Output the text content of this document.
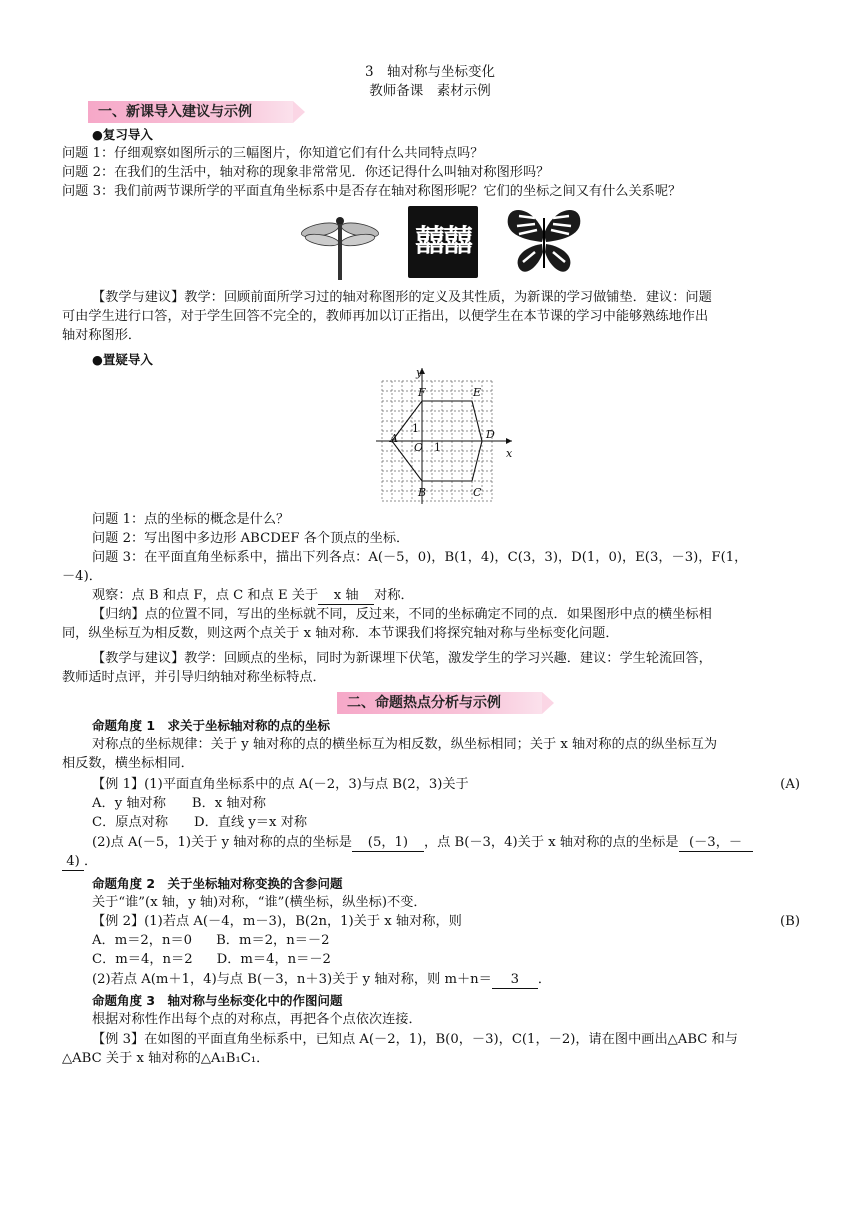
3　轴对称与坐标变化
教师备课　素材示例
一、新课导入建议与示例
●复习导入
问题 1：仔细观察如图所示的三幅图片，你知道它们有什么共同特点吗？
问题 2：在我们的生活中，轴对称的现象非常常见．你还记得什么叫轴对称图形吗？
问题 3：我们前两节课所学的平面直角坐标系中是否存在轴对称图形呢？它们的坐标之间又有什么关系呢？
囍囍
【教学与建议】教学：回顾前面所学习过的轴对称图形的定义及其性质，为新课的学习做铺垫．建议：问题
可由学生进行口答，对于学生回答不完全的，教师再加以订正指出，以便学生在本节课的学习中能够熟练地作出
轴对称图形．
●置疑导入
y
x
O 1
1
A
B	C
D
E
F
问题 1：点的坐标的概念是什么？
问题 2：写出图中多边形 ABCDEF 各个顶点的坐标．
问题 3：在平面直角坐标系中，描出下列各点：A(－5，0)，B(1，4)，C(3，3)，D(1，0)，E(3，－3)，F(1，
－4)．
观察：点 B 和点 F，点 C 和点 E 关于 x 轴 对称．
【归纳】点的位置不同，写出的坐标就不同，反过来，不同的坐标确定不同的点．如果图形中点的横坐标相
同，纵坐标互为相反数，则这两个点关于 x 轴对称．本节课我们将探究轴对称与坐标变化问题．
【教学与建议】教学：回顾点的坐标，同时为新课埋下伏笔，激发学生的学习兴趣．建议：学生轮流回答，
教师适时点评，并引导归纳轴对称坐标特点．
二、命题热点分析与示例
命题角度 1　求关于坐标轴对称的点的坐标
对称点的坐标规律：关于 y 轴对称的点的横坐标互为相反数，纵坐标相同；关于 x 轴对称的点的纵坐标互为
相反数，横坐标相同．
【例 1】(1)平面直角坐标系中的点 A(－2，3)与点 B(2，3)关于	(A)
A．y 轴对称 B．x 轴对称
C．原点对称 D．直线 y＝x 对称
(2)点 A(－5，1)关于 y 轴对称的点的坐标是 (5，1) ，点 B(－3，4)关于 x 轴对称的点的坐标是 (－3，－
4) ．
命题角度 2　关于坐标轴对称变换的含参问题
关于“谁”(x 轴，y 轴)对称，“谁”(横坐标，纵坐标)不变．
【例 2】(1)若点 A(－4，m－3)，B(2n，1)关于 x 轴对称，则	(B)
A．m＝2，n＝0 B．m＝2，n＝－2
C．m＝4，n＝2 D．m＝4，n＝－2
(2)若点 A(m＋1，4)与点 B(－3，n＋3)关于 y 轴对称，则 m＋n＝ 3 ．
命题角度 3　轴对称与坐标变化中的作图问题
根据对称性作出每个点的对称点，再把各个点依次连接．
【例 3】在如图的平面直角坐标系中，已知点 A(－2，1)，B(0，－3)，C(1，－2)，请在图中画出△ABC 和与
△ABC 关于 x 轴对称的△A₁B₁C₁．
